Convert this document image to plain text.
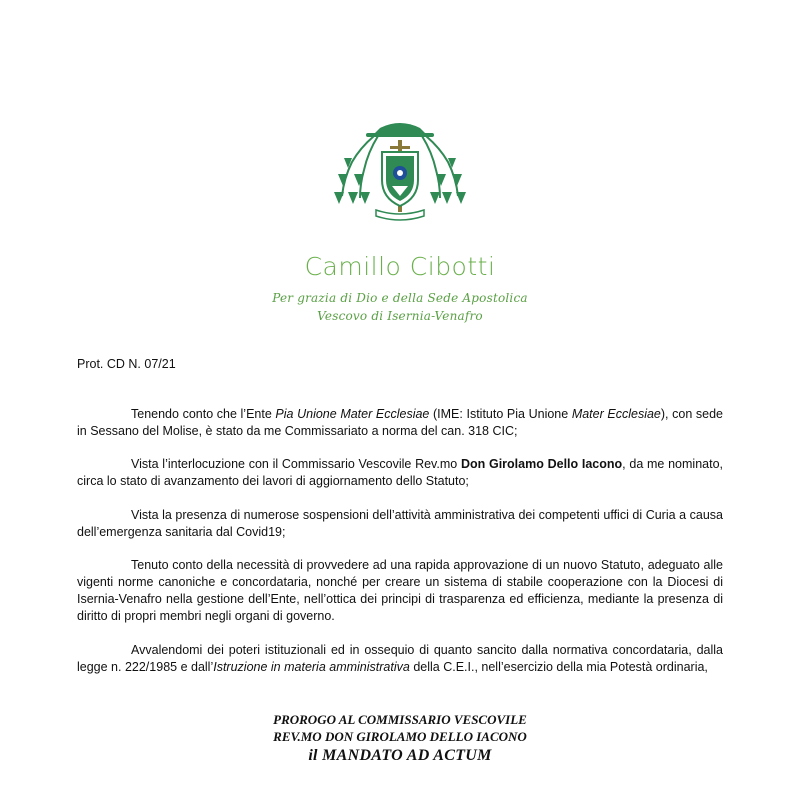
Camillo Cibotti
Per grazia di Dio e della Sede Apostolica
Vescovo di Isernia-Venafro
Prot. CD N. 07/21

Tenendo conto che l’Ente Pia Unione Mater Ecclesiae (IME: Istituto Pia Unione Mater Ecclesiae), con sede in Sessano del Molise, è stato da me Commissariato a norma del can. 318 CIC;

Vista l’interlocuzione con il Commissario Vescovile Rev.mo Don Girolamo Dello Iacono, da me nominato, circa lo stato di avanzamento dei lavori di aggiornamento dello Statuto;

Vista la presenza di numerose sospensioni dell’attività amministrativa dei competenti uffici di Curia a causa dell’emergenza sanitaria dal Covid19;

Tenuto conto della necessità di provvedere ad una rapida approvazione di un nuovo Statuto, adeguato alle vigenti norme canoniche e concordataria, nonché per creare un sistema di stabile cooperazione con la Diocesi di Isernia-Venafro nella gestione dell’Ente, nell’ottica dei principi di trasparenza ed efficienza, mediante la presenza di diritto di propri membri negli organi di governo.

Avvalendomi dei poteri istituzionali ed in ossequio di quanto sancito dalla normativa concordataria, dalla legge n. 222/1985 e dall’Istruzione in materia amministrativa della C.E.I., nell’esercizio della mia Potestà ordinaria,

PROROGO AL COMMISSARIO VESCOVILE
REV.MO DON GIROLAMO DELLO IACONO
il MANDATO AD ACTUM
